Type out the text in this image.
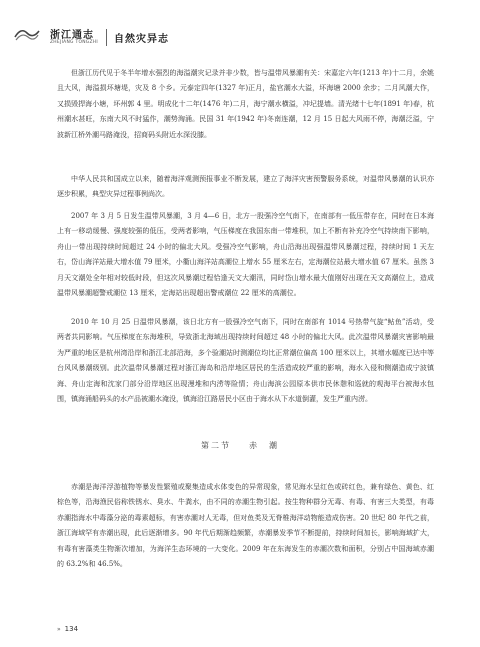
浙江通志
ZHEJIANG TONGZHI 自然灾异志

但浙江历代见于冬半年增水强烈的海溢潮灾记录并非少数，皆与温带风暴潮有关：宋嘉定六年(1213 年)十二月，余姚且大风，海溢损坏塘堤，灾及 8 个乡。元泰定四年(1327 年)正月，盐官潮水大溢，坏海塘 2000 余步；二月风潮大作，又损毁捍海小塘，坏州郭 4 里。明成化十二年(1476 年)二月，海宁潮水横溢，冲圮提墙。清光绪十七年(1891 年)春，杭州潮水甚旺，东南大风不时猛作，潮势洶涌。民国 31 年(1942 年)冬南连潮，12 月 15 日起大风雨不停，海潮泛溢，宁波新江桥外潮马路淹没，招商码头附近水深没膝。

中华人民共和国成立以来，随着海洋观测预报事业不断发展，建立了海洋灾害预警服务系统，对温带风暴潮的认识亦逐步积累，典型灾异过程事例尚次。

2007 年 3 月 5 日发生温带风暴潮，3 月 4—6 日，北方一股强冷空气南下，在南部有一低压带存在，同时在日本海上有一移动缓慢、强度较强的低压，受两者影响，气压梯度在我国东南一带堆积，加上不断有补充冷空气持续南下影响，舟山一带出现持续时间超过 24 小时的偏北大风。受强冷空气影响，舟山沿海出现强温带风暴潮过程，持续时间 1 天左右，岱山海洋站最大增水值 79 厘米，小衢山海洋站高潮位上增水 55 厘米左右，定海潮位站最大增水值 67 厘米。虽然 3 月天文潮处全年相对较低时段，但这次风暴潮过程恰逢天文大潮汛，同时岱山增水最大值刚好出现在天文高潮位上，造成温带风暴潮超警戒潮位 13 厘米，定海站出现超出警戒潮位 22 厘米的高潮位。

2010 年 10 月 25 日温带风暴潮，该日北方有一股强冷空气南下，同时在南部有 1014 号热带气旋“鲇鱼”活动，受两者共同影响。气压梯度在东海堆积，导致浙北海域出现持续时间超过 48 小时的偏北大风。此次温带风暴潮灾害影响最为严重的地区是杭州湾沿岸和浙江北部沿海，多个验潮站时测潮位均比正常潮位偏高 100 厘米以上，其增水幅度已达中等台风风暴潮级别。此次温带风暴潮过程对浙江海岛和沿岸地区居民的生活造成较严重的影响，海水入侵和侧潮造成宁波镇海、舟山定海和沈家门部分沿岸地区出现漫堆和内涝等险情；舟山海滨公园原本供市民休憩和巡就的观海平台被海水包围，镇海涌船码头的水产品被潮水淹没，镇海沿江路居民小区由于海水从下水道倒灌，发生严重内涝。

第二节 赤　潮

赤潮是海洋浮游植物等暴发性繁殖或聚集造成水体变色的异常现象，常见海水呈红色或砖红色，兼有绿色、黄色、红棕色等，沿海渔民俗称铁锈水、臭水、牛粪水，由不同的赤潮生物引起。按生物种群分无毒、有毒、有害三大类型，有毒赤潮指海水中毒藻分泌的毒素超标，有害赤潮对人无毒，但对鱼类及无脊椎海洋动物能造成伤害。20 世纪 80 年代之前，浙江海域罕有赤潮出现，此后逐渐增多。90 年代后期渐趋频繁，赤潮暴发季节不断提前，持续时间加长，影响海域扩大，有毒有害藻类生物渐次增加，为海洋生态环境的一大变化。2009 年在东海发生的赤潮次数和面积，分别占中国海域赤潮的 63.2%和 46.5%。

» 134
